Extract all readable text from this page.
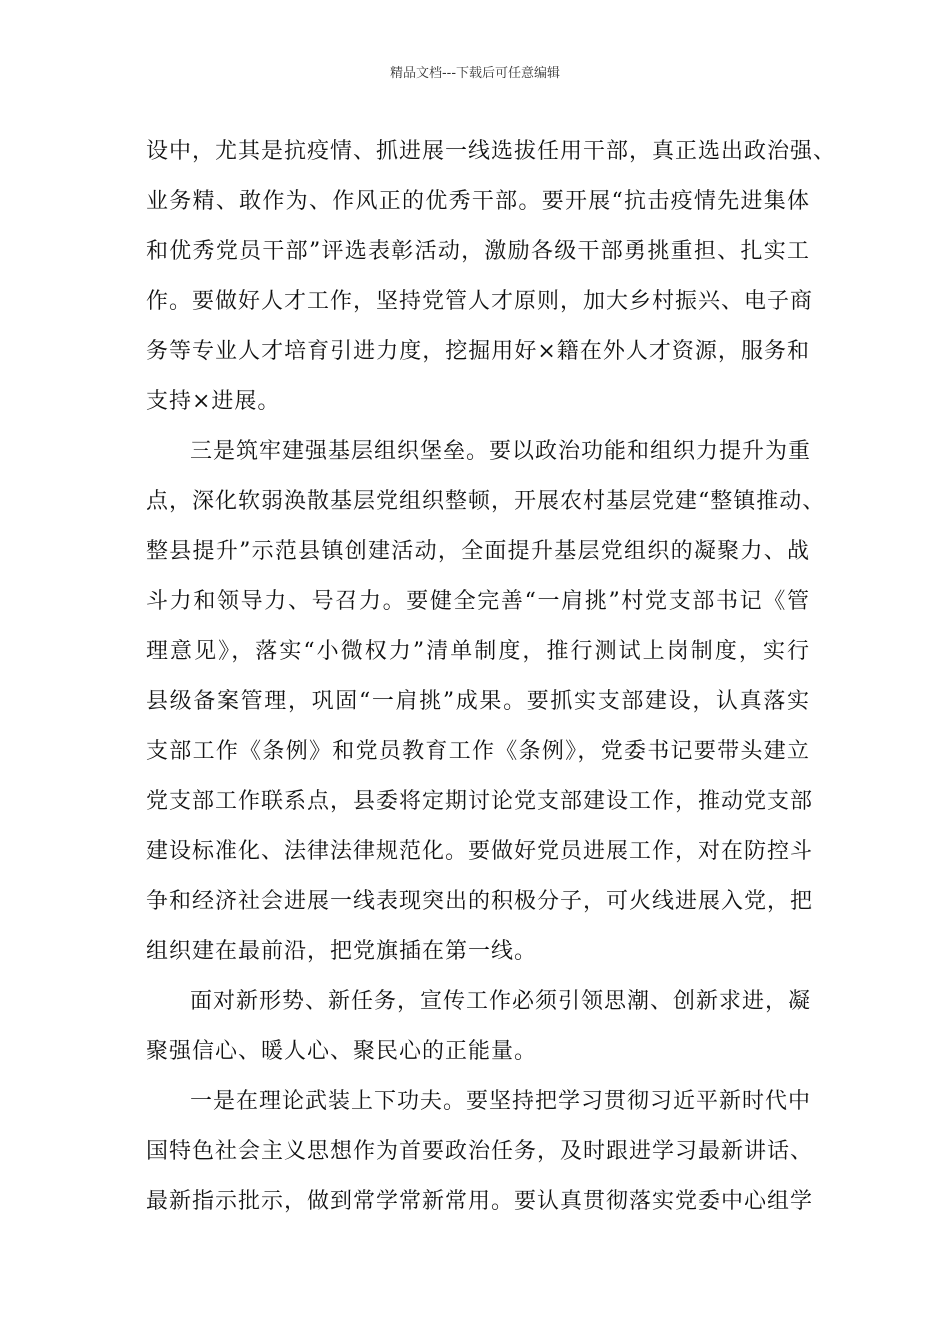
精品文档---下载后可任意编辑
设中，尤其是抗疫情、抓进展一线选拔任用干部，真正选出政治强、
业务精、敢作为、作风正的优秀干部。要开展“抗击疫情先进集体
和优秀党员干部”评选表彰活动，激励各级干部勇挑重担、扎实工
作。要做好人才工作，坚持党管人才原则，加大乡村振兴、电子商
务等专业人才培育引进力度，挖掘用好×籍在外人才资源，服务和
支持×进展。
三是筑牢建强基层组织堡垒。要以政治功能和组织力提升为重
点，深化软弱涣散基层党组织整顿，开展农村基层党建“整镇推动、
整县提升”示范县镇创建活动，全面提升基层党组织的凝聚力、战
斗力和领导力、号召力。要健全完善“一肩挑”村党支部书记《管
理意见》，落实“小微权力”清单制度，推行测试上岗制度，实行
县级备案管理，巩固“一肩挑”成果。要抓实支部建设，认真落实
支部工作《条例》和党员教育工作《条例》，党委书记要带头建立
党支部工作联系点，县委将定期讨论党支部建设工作，推动党支部
建设标准化、法律法律规范化。要做好党员进展工作，对在防控斗
争和经济社会进展一线表现突出的积极分子，可火线进展入党，把
组织建在最前沿，把党旗插在第一线。
面对新形势、新任务，宣传工作必须引领思潮、创新求进，凝
聚强信心、暖人心、聚民心的正能量。
一是在理论武装上下功夫。要坚持把学习贯彻习近平新时代中
国特色社会主义思想作为首要政治任务，及时跟进学习最新讲话、
最新指示批示，做到常学常新常用。要认真贯彻落实党委中心组学
